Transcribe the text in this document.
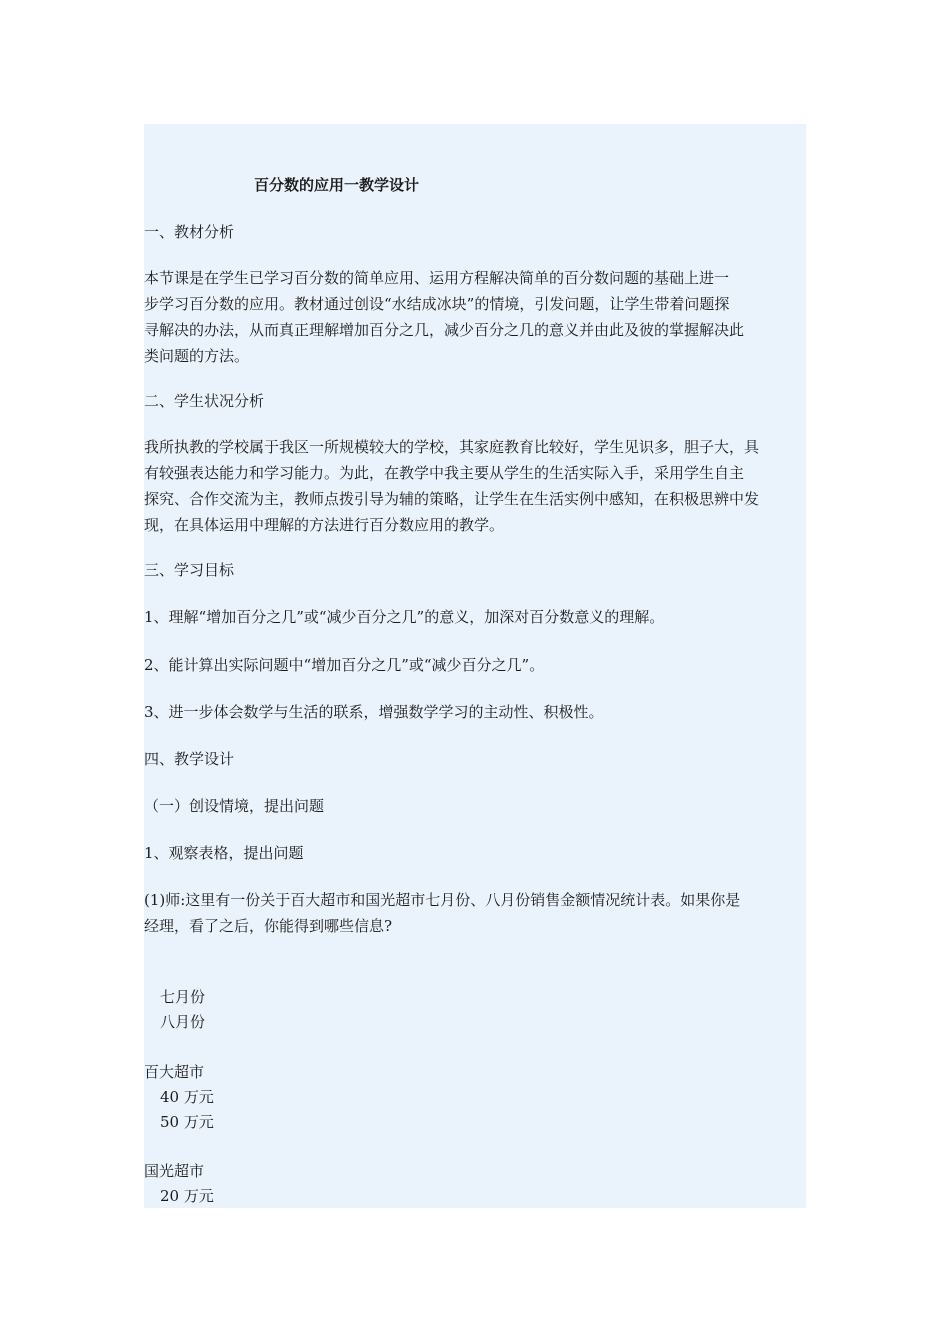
百分数的应用一教学设计
一、教材分析
本节课是在学生已学习百分数的简单应用、运用方程解决简单的百分数问题的基础上进一
步学习百分数的应用。教材通过创设“水结成冰块”的情境，引发问题，让学生带着问题探
寻解决的办法，从而真正理解增加百分之几，减少百分之几的意义并由此及彼的掌握解决此
类问题的方法。
二、学生状况分析
我所执教的学校属于我区一所规模较大的学校，其家庭教育比较好，学生见识多，胆子大，具
有较强表达能力和学习能力。为此，在教学中我主要从学生的生活实际入手，采用学生自主
探究、合作交流为主，教师点拨引导为辅的策略，让学生在生活实例中感知，在积极思辨中发
现，在具体运用中理解的方法进行百分数应用的教学。
三、学习目标
1、理解“增加百分之几”或“减少百分之几”的意义，加深对百分数意义的理解。
2、能计算出实际问题中“增加百分之几”或“减少百分之几”。
3、进一步体会数学与生活的联系，增强数学学习的主动性、积极性。
四、教学设计
（一）创设情境，提出问题
1、观察表格，提出问题
(1)师:这里有一份关于百大超市和国光超市七月份、八月份销售金额情况统计表。如果你是
经理，看了之后，你能得到哪些信息?
七月份
八月份
百大超市
40 万元
50 万元
国光超市
20 万元
